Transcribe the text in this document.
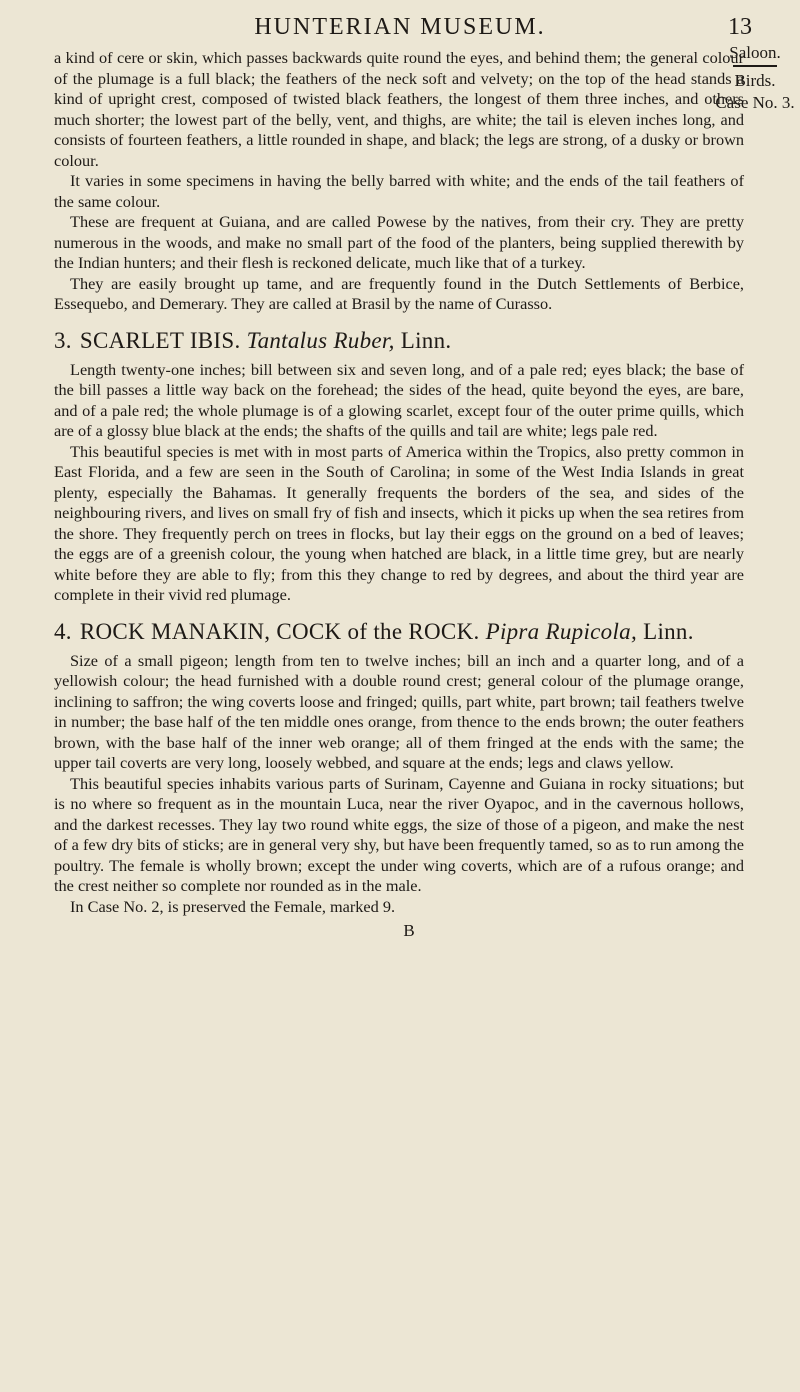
HUNTERIAN MUSEUM.	13
Saloon.
Birds.
Case No. 3.

a kind of cere or skin, which passes backwards quite round the eyes, and behind them; the general colour of the plumage is a full black; the feathers of the neck soft and velvety; on the top of the head stands a kind of upright crest, composed of twisted black feathers, the longest of them three inches, and others much shorter; the lowest part of the belly, vent, and thighs, are white; the tail is eleven inches long, and consists of fourteen feathers, a little rounded in shape, and black; the legs are strong, of a dusky or brown colour.

It varies in some specimens in having the belly barred with white; and the ends of the tail feathers of the same colour.

These are frequent at Guiana, and are called Powese by the natives, from their cry. They are pretty numerous in the woods, and make no small part of the food of the planters, being supplied therewith by the Indian hunters; and their flesh is reckoned delicate, much like that of a turkey.

They are easily brought up tame, and are frequently found in the Dutch Settlements of Berbice, Essequebo, and Demerary. They are called at Brasil by the name of Curasso.

3. SCARLET IBIS. Tantalus Ruber, Linn.

Length twenty-one inches; bill between six and seven long, and of a pale red; eyes black; the base of the bill passes a little way back on the forehead; the sides of the head, quite beyond the eyes, are bare, and of a pale red; the whole plumage is of a glowing scarlet, except four of the outer prime quills, which are of a glossy blue black at the ends; the shafts of the quills and tail are white; legs pale red.

This beautiful species is met with in most parts of America within the Tropics, also pretty common in East Florida, and a few are seen in the South of Carolina; in some of the West India Islands in great plenty, especially the Bahamas. It generally frequents the borders of the sea, and sides of the neighbouring rivers, and lives on small fry of fish and insects, which it picks up when the sea retires from the shore. They frequently perch on trees in flocks, but lay their eggs on the ground on a bed of leaves; the eggs are of a greenish colour, the young when hatched are black, in a little time grey, but are nearly white before they are able to fly; from this they change to red by degrees, and about the third year are complete in their vivid red plumage.

4. ROCK MANAKIN, COCK of the ROCK. Pipra Rupicola, Linn.

Size of a small pigeon; length from ten to twelve inches; bill an inch and a quarter long, and of a yellowish colour; the head furnished with a double round crest; general colour of the plumage orange, inclining to saffron; the wing coverts loose and fringed; quills, part white, part brown; tail feathers twelve in number; the base half of the ten middle ones orange, from thence to the ends brown; the outer feathers brown, with the base half of the inner web orange; all of them fringed at the ends with the same; the upper tail coverts are very long, loosely webbed, and square at the ends; legs and claws yellow.

This beautiful species inhabits various parts of Surinam, Cayenne and Guiana in rocky situations; but is no where so frequent as in the mountain Luca, near the river Oyapoc, and in the cavernous hollows, and the darkest recesses. They lay two round white eggs, the size of those of a pigeon, and make the nest of a few dry bits of sticks; are in general very shy, but have been frequently tamed, so as to run among the poultry. The female is wholly brown; except the under wing coverts, which are of a rufous orange; and the crest neither so complete nor rounded as in the male.

In Case No. 2, is preserved the Female, marked 9.

B
